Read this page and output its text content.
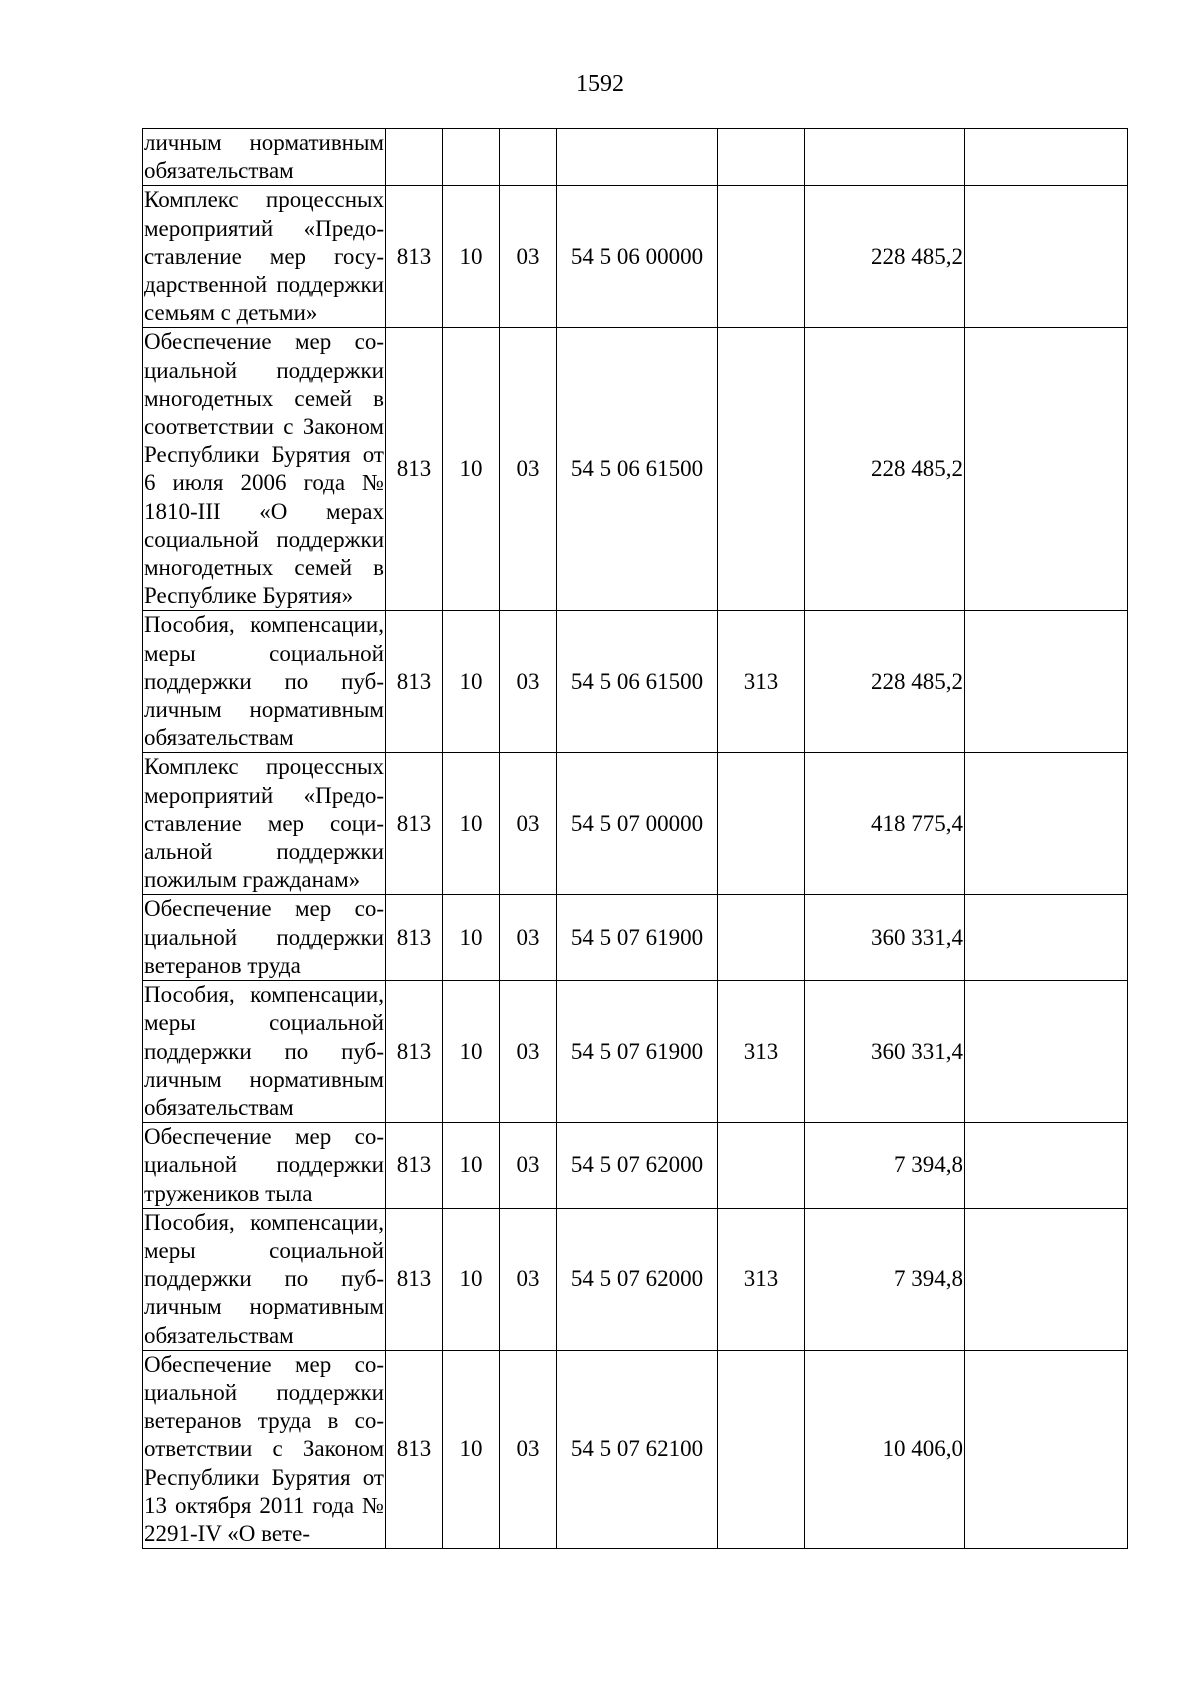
1592
личным нормативным обязательствам							
Комплекс процессных мероприятий «Предоставление мер государственной поддержки семьям с детьми»	813	10	03	54 5 06 00000		228 485,2	
Обеспечение мер социальной поддержки многодетных семей в соответствии с Законом Республики Бурятия от 6 июля 2006 года № 1810-III «О мерах социальной поддержки многодетных семей в Республике Бурятия»	813	10	03	54 5 06 61500		228 485,2	
Пособия, компенсации, меры социальной поддержки по публичным нормативным обязательствам	813	10	03	54 5 06 61500	313	228 485,2	
Комплекс процессных мероприятий «Предоставление мер социальной поддержки пожилым гражданам»	813	10	03	54 5 07 00000		418 775,4	
Обеспечение мер социальной поддержки ветеранов труда	813	10	03	54 5 07 61900		360 331,4	
Пособия, компенсации, меры социальной поддержки по публичным нормативным обязательствам	813	10	03	54 5 07 61900	313	360 331,4	
Обеспечение мер социальной поддержки тружеников тыла	813	10	03	54 5 07 62000		7 394,8	
Пособия, компенсации, меры социальной поддержки по публичным нормативным обязательствам	813	10	03	54 5 07 62000	313	7 394,8	
Обеспечение мер социальной поддержки ветеранов труда в соответствии с Законом Республики Бурятия от 13 октября 2011 года № 2291-IV «О вете-	813	10	03	54 5 07 62100		10 406,0	
